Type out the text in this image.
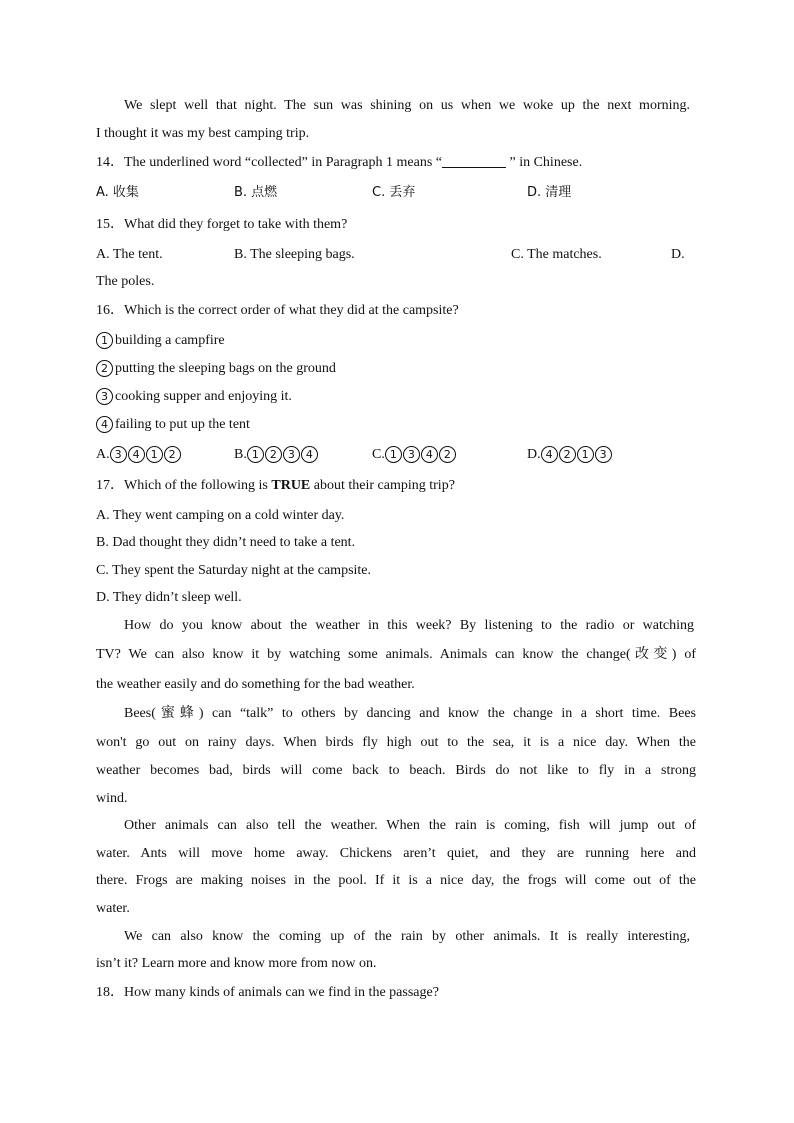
We slept well that night. The sun was shining on us when we woke up the next morning.
I thought it was my best camping trip.
14．The underlined word “collected” in Paragraph 1 means “	” in Chinese.
A. 收集	B. 点燃	C. 丢弃	D. 清理
15．What did they forget to take with them?
A. The tent.	B. The sleeping bags.	C. The matches.	D.
The poles.
16．Which is the correct order of what they did at the campsite?
1 building a campfire
2 putting the sleeping bags on the ground
3 cooking supper and enjoying it.
4 failing to put up the tent
A. 3 4 1 2	B. 1 2 3 4	C. 1 3 4 2	D. 4 2 1 3
17．Which of the following is TRUE about their camping trip?
A. They went camping on a cold winter day.
B. Dad thought they didn’t need to take a tent.
C. They spent the Saturday night at the campsite.
D. They didn’t sleep well.
How do you know about the weather in this week? By listening to the radio or watching
TV? We can also know it by watching some animals. Animals can know the change(改变) of
the weather easily and do something for the bad weather.
Bees(蜜蜂) can “talk” to others by dancing and know the change in a short time. Bees
won't go out on rainy days. When birds fly high out to the sea, it is a nice day. When the
weather becomes bad, birds will come back to beach. Birds do not like to fly in a strong
wind.
Other animals can also tell the weather. When the rain is coming, fish will jump out of
water. Ants will move home away. Chickens aren’t quiet, and they are running here and
there. Frogs are making noises in the pool. If it is a nice day, the frogs will come out of the
water.
We can also know the coming up of the rain by other animals. It is really interesting,
isn’t it? Learn more and know more from now on.
18．How many kinds of animals can we find in the passage?
